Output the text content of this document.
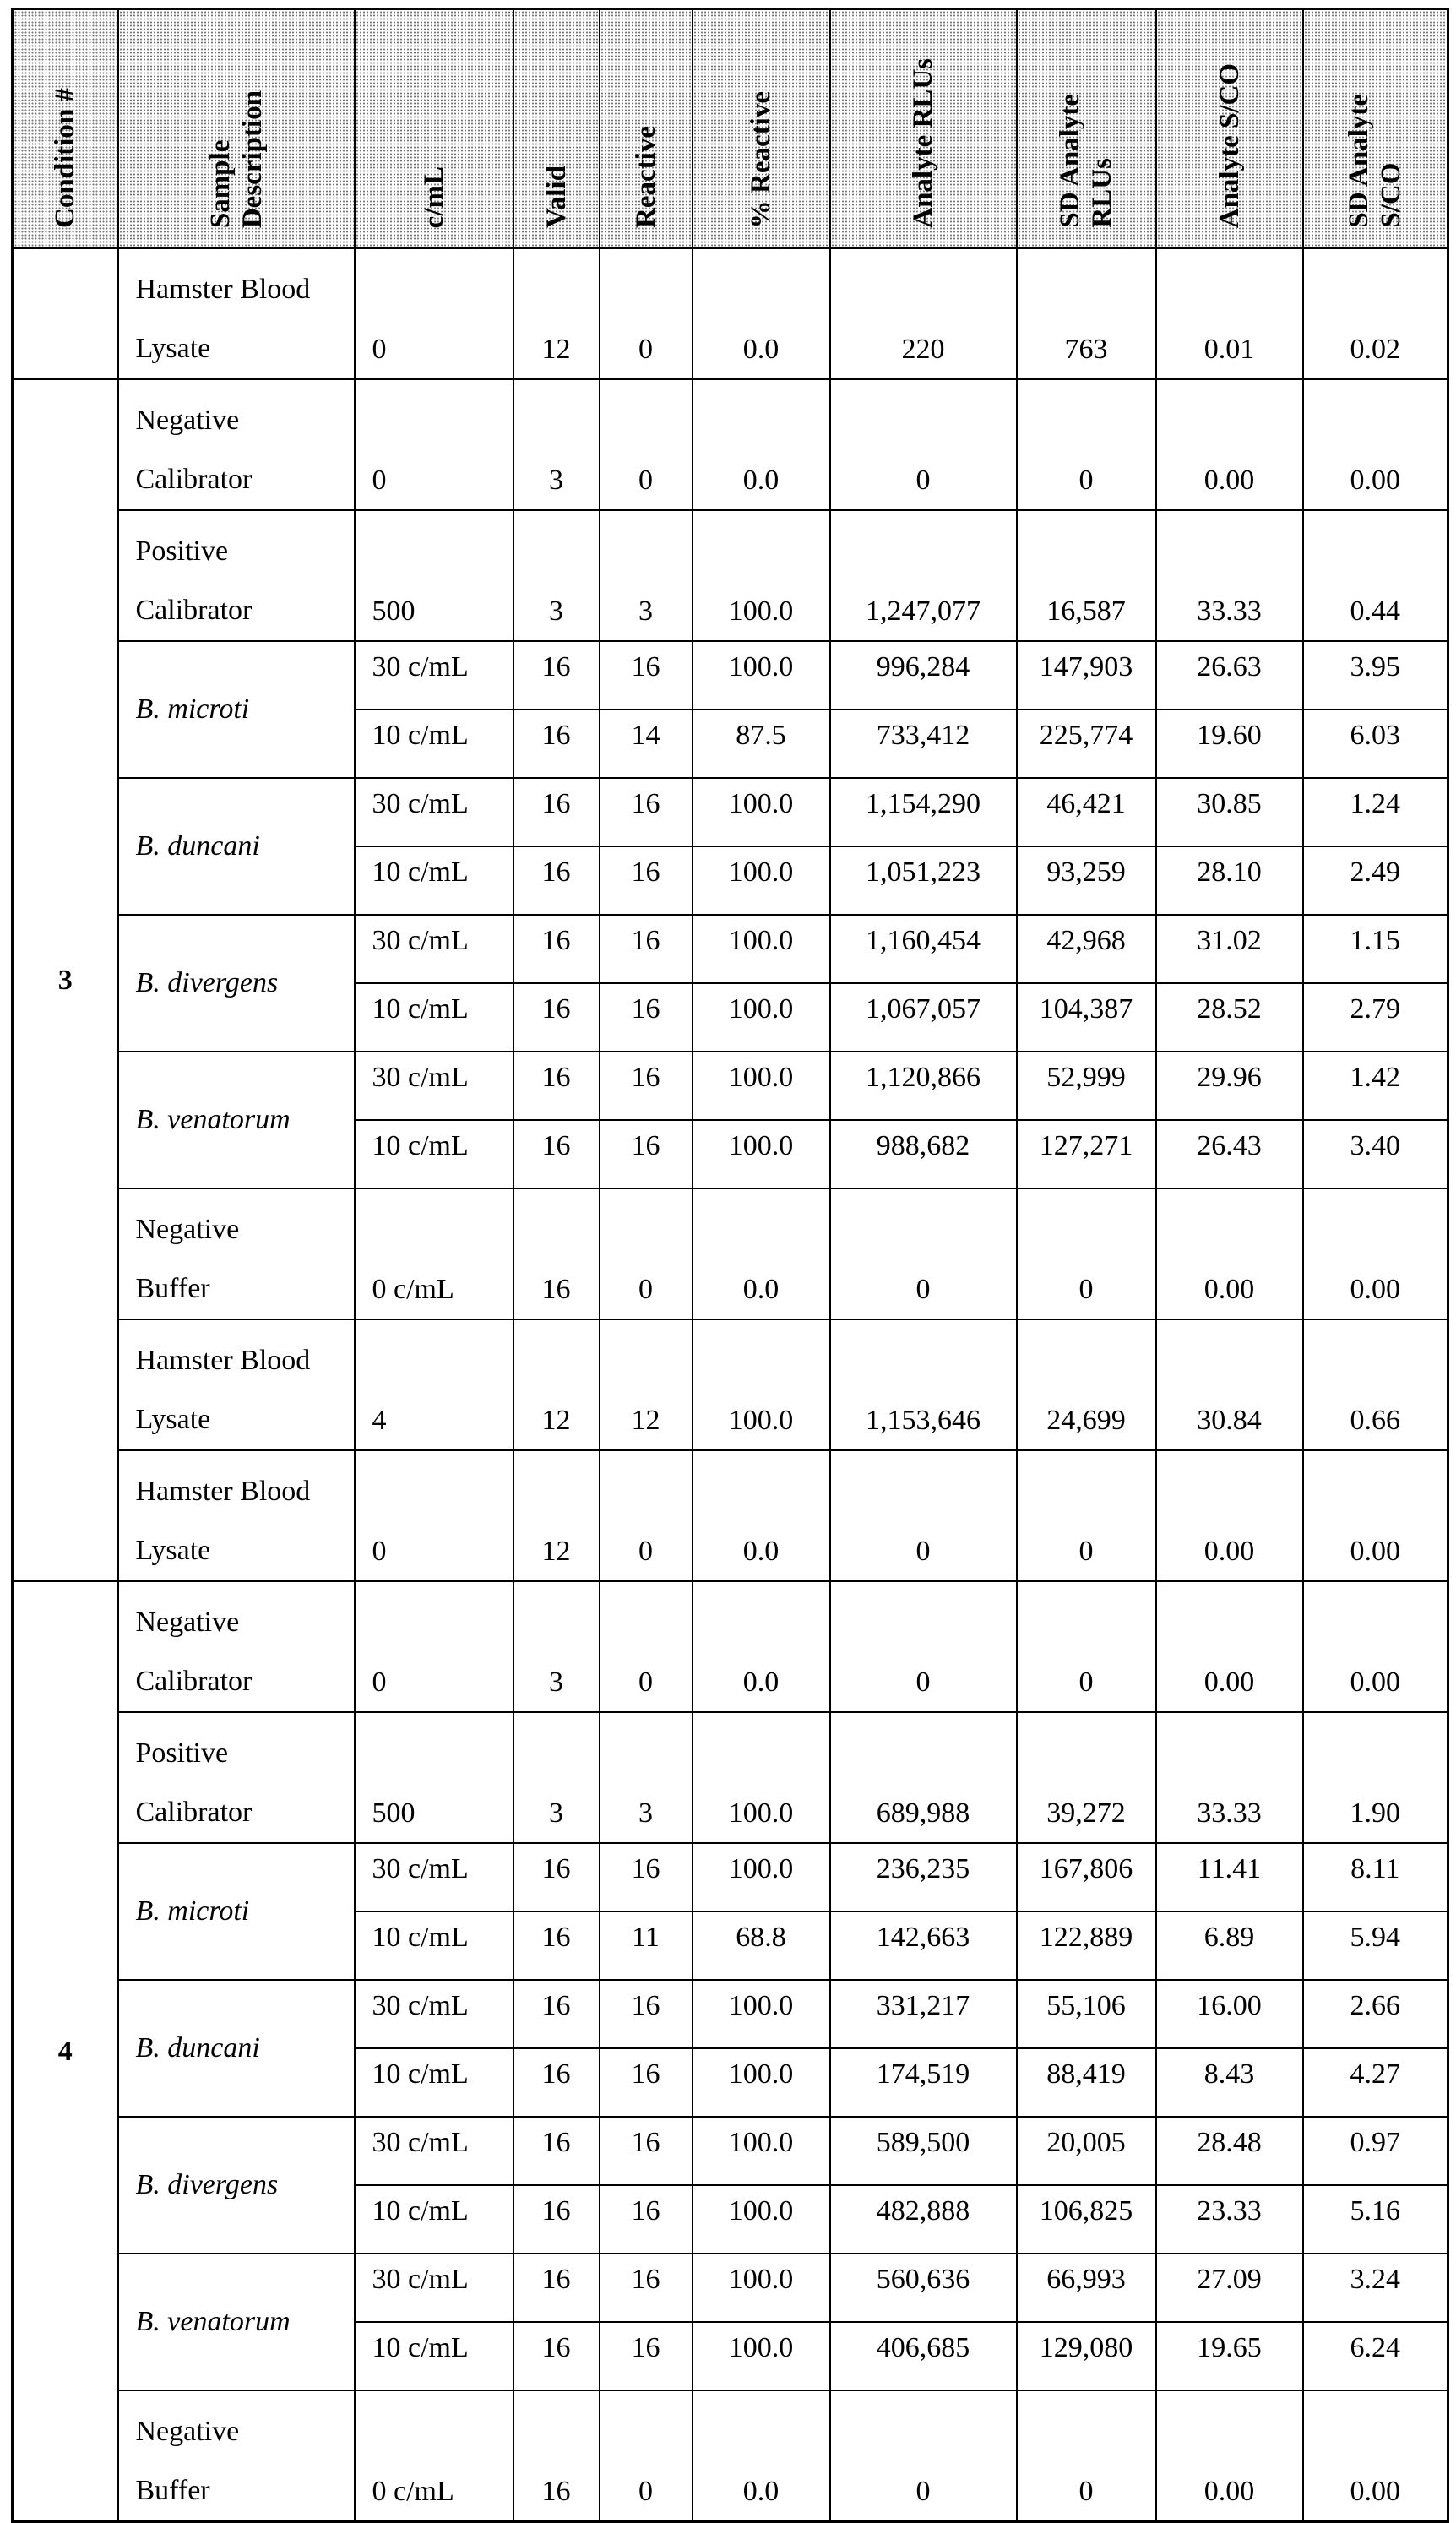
Condition #	Sample
Description	c/mL	Valid	Reactive	% Reactive	Analyte RLUs	SD Analyte
RLUs	Analyte S/CO	SD Analyte
S/CO
	Hamster Blood
Lysate	0	12	0	0.0	220	763	0.01	0.02
3	Negative
Calibrator	0	3	0	0.0	0	0	0.00	0.00
Positive
Calibrator	500	3	3	100.0	1,247,077	16,587	33.33	0.44
B. microti	30 c/mL	16	16	100.0	996,284	147,903	26.63	3.95
10 c/mL	16	14	87.5	733,412	225,774	19.60	6.03
B. duncani	30 c/mL	16	16	100.0	1,154,290	46,421	30.85	1.24
10 c/mL	16	16	100.0	1,051,223	93,259	28.10	2.49
B. divergens	30 c/mL	16	16	100.0	1,160,454	42,968	31.02	1.15
10 c/mL	16	16	100.0	1,067,057	104,387	28.52	2.79
B. venatorum	30 c/mL	16	16	100.0	1,120,866	52,999	29.96	1.42
10 c/mL	16	16	100.0	988,682	127,271	26.43	3.40
Negative
Buffer	0 c/mL	16	0	0.0	0	0	0.00	0.00
Hamster Blood
Lysate	4	12	12	100.0	1,153,646	24,699	30.84	0.66
Hamster Blood
Lysate	0	12	0	0.0	0	0	0.00	0.00
4	Negative
Calibrator	0	3	0	0.0	0	0	0.00	0.00
Positive
Calibrator	500	3	3	100.0	689,988	39,272	33.33	1.90
B. microti	30 c/mL	16	16	100.0	236,235	167,806	11.41	8.11
10 c/mL	16	11	68.8	142,663	122,889	6.89	5.94
B. duncani	30 c/mL	16	16	100.0	331,217	55,106	16.00	2.66
10 c/mL	16	16	100.0	174,519	88,419	8.43	4.27
B. divergens	30 c/mL	16	16	100.0	589,500	20,005	28.48	0.97
10 c/mL	16	16	100.0	482,888	106,825	23.33	5.16
B. venatorum	30 c/mL	16	16	100.0	560,636	66,993	27.09	3.24
10 c/mL	16	16	100.0	406,685	129,080	19.65	6.24
Negative
Buffer	0 c/mL	16	0	0.0	0	0	0.00	0.00
